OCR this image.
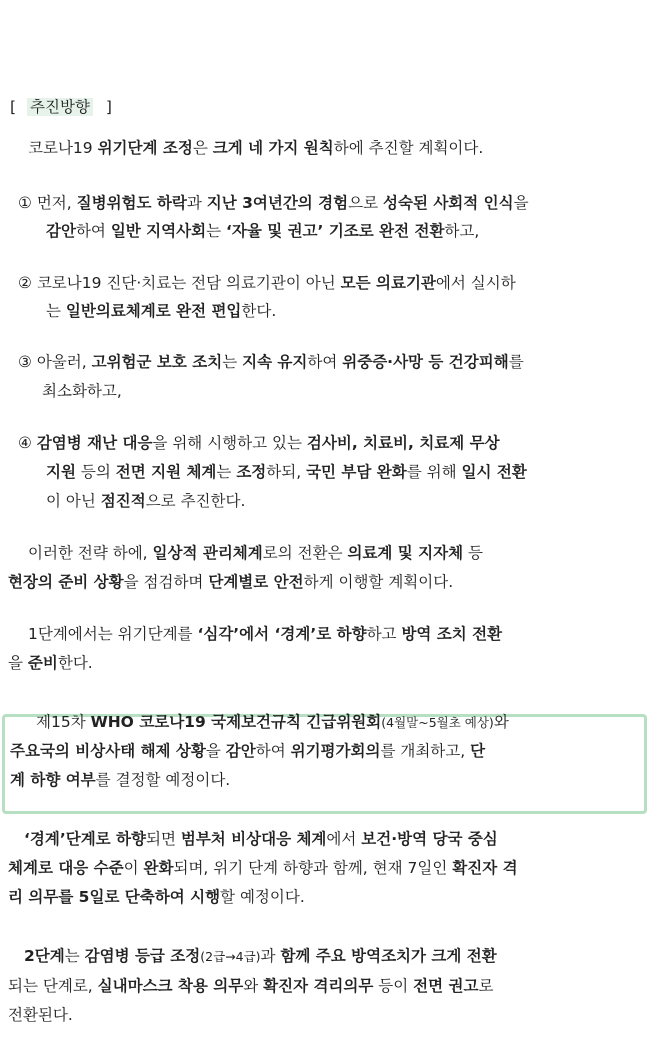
[ 추진방향 ]
코로나19 위기단계 조정은 크게 네 가지 원칙하에 추진할 계획이다.
① 먼저, 질병위험도 하락과 지난 3여년간의 경험으로 성숙된 사회적 인식을
감안하여 일반 지역사회는 ‘자율 및 권고’ 기조로 완전 전환하고,
② 코로나19 진단·치료는 전담 의료기관이 아닌 모든 의료기관에서 실시하
는 일반의료체계로 완전 편입한다.
③ 아울러, 고위험군 보호 조치는 지속 유지하여 위중증·사망 등 건강피해를
최소화하고,
④ 감염병 재난 대응을 위해 시행하고 있는 검사비, 치료비, 치료제 무상
지원 등의 전면 지원 체계는 조정하되, 국민 부담 완화를 위해 일시 전환
이 아닌 점진적으로 추진한다.
이러한 전략 하에, 일상적 관리체계로의 전환은 의료계 및 지자체 등
현장의 준비 상황을 점검하며 단계별로 안전하게 이행할 계획이다.
1단계에서는 위기단계를 ‘심각’에서 ‘경계’로 하향하고 방역 조치 전환
을 준비한다.
제15차 WHO 코로나19 국제보건규칙 긴급위원회(4월말~5월초 예상)와
주요국의 비상사태 해제 상황을 감안하여 위기평가회의를 개최하고, 단
계 하향 여부를 결정할 예정이다.
‘경계’단계로 하향되면 범부처 비상대응 체계에서 보건·방역 당국 중심
체계로 대응 수준이 완화되며, 위기 단계 하향과 함께, 현재 7일인 확진자 격
리 의무를 5일로 단축하여 시행할 예정이다.
2단계는 감염병 등급 조정(2급→4급)과 함께 주요 방역조치가 크게 전환
되는 단계로, 실내마스크 착용 의무와 확진자 격리의무 등이 전면 권고로
전환된다.
